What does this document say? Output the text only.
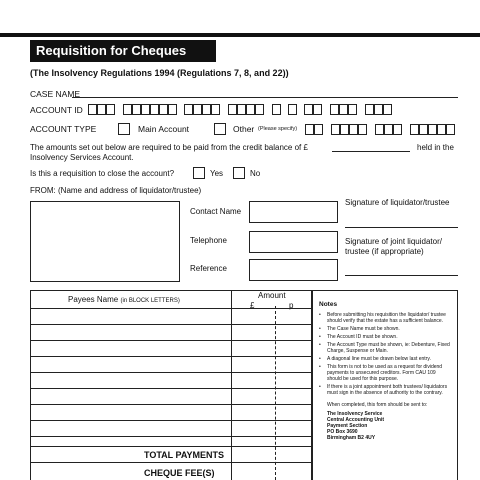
Requisition for Cheques
(The Insolvency Regulations 1994 (Regulations 7, 8, and 22))
CASE NAME
ACCOUNT ID
ACCOUNT TYPE	Main Account	Other (Please specify)
The amounts set out below are required to be paid from the credit balance of £	held in the
Insolvency Services Account.
Is this a requisition to close the account?	Yes	No
FROM: (Name and address of liquidator/trustee)
Contact Name
Telephone
Reference
Signature of liquidator/trustee
Signature of joint liquidator/
trustee (if appropriate)
Payees Name (in BLOCK LETTERS)
Amount
£	p
TOTAL PAYMENTS
CHEQUE FEE(S)
Notes
• Before submitting his requisition the liquidator/ trustee should verify that the estate has a sufficient balance.
• The Case Name must be shown.
• The Account ID must be shown.
• The Account Type must be shown, ie: Debenture, Fixed Charge, Suspense or Main.
• A diagonal line must be drawn below last entry.
• This form is not to be used as a request for dividend payments to unsecured creditors. Form CAU 109 should be used for this purpose.
• If there is a joint appointment both trustees/ liquidators must sign in the absence of authority to the contrary.
When completed, this form should be sent to:
The Insolvency Service
Central Accounting Unit
Payment Section
PO Box 3690
Birmingham B2 4UY
